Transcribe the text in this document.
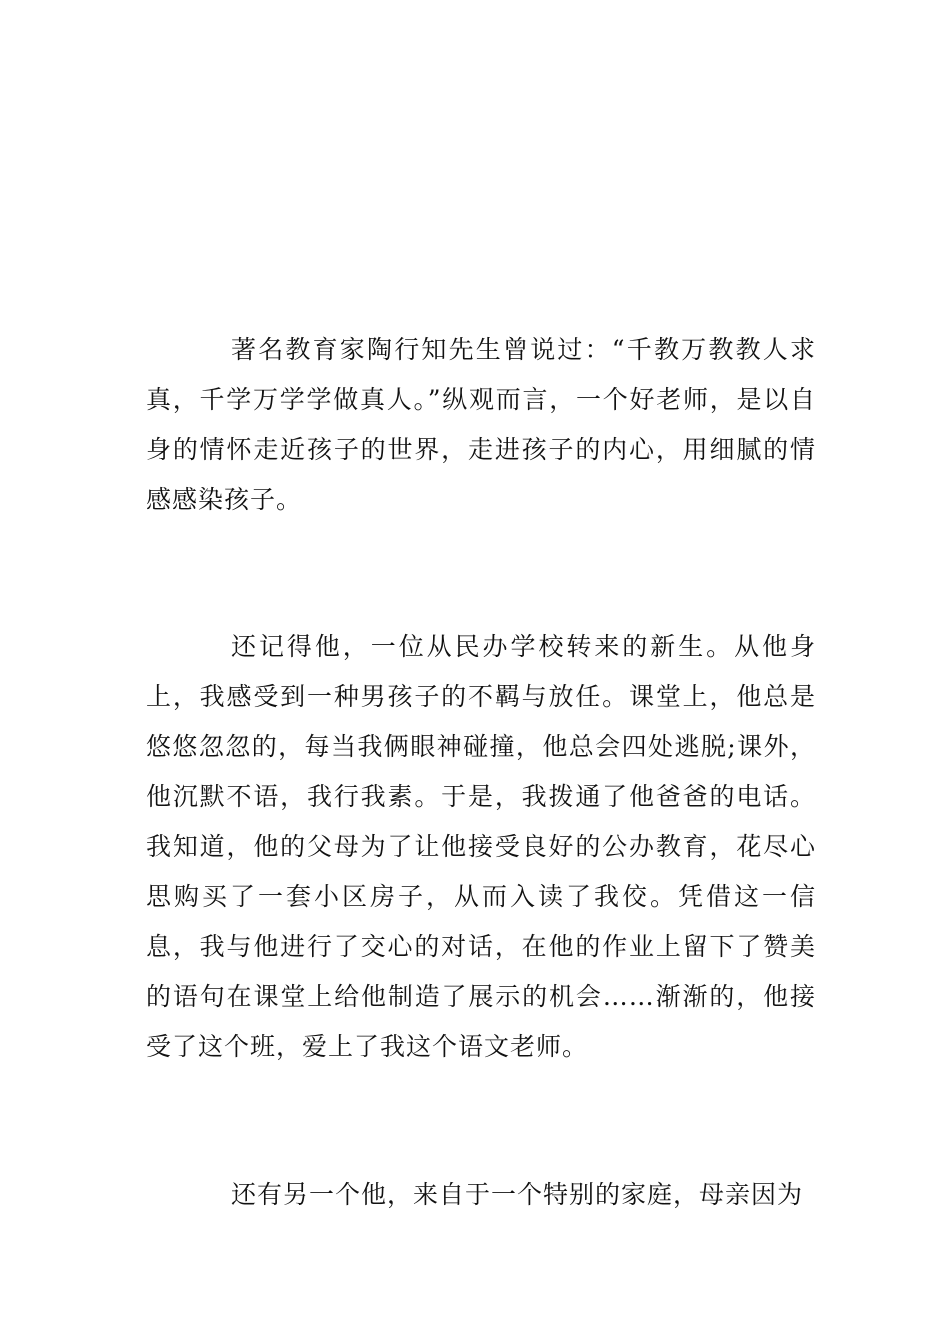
著名教育家陶行知先生曾说过：“千教万教教人求真，千学万学学做真人。”纵观而言，一个好老师，是以自身的情怀走近孩子的世界，走进孩子的内心，用细腻的情感感染孩子。

还记得他，一位从民办学校转来的新生。从他身上，我感受到一种男孩子的不羁与放任。课堂上，他总是悠悠忽忽的，每当我俩眼神碰撞，他总会四处逃脱;课外，他沉默不语，我行我素。于是，我拨通了他爸爸的电话。我知道，他的父母为了让他接受良好的公办教育，花尽心思购买了一套小区房子，从而入读了我佼。凭借这一信息，我与他进行了交心的对话，在他的作业上留下了赞美的语句在课堂上给他制造了展示的机会……渐渐的，他接受了这个班，爱上了我这个语文老师。

还有另一个他，来自于一个特别的家庭，母亲因为
